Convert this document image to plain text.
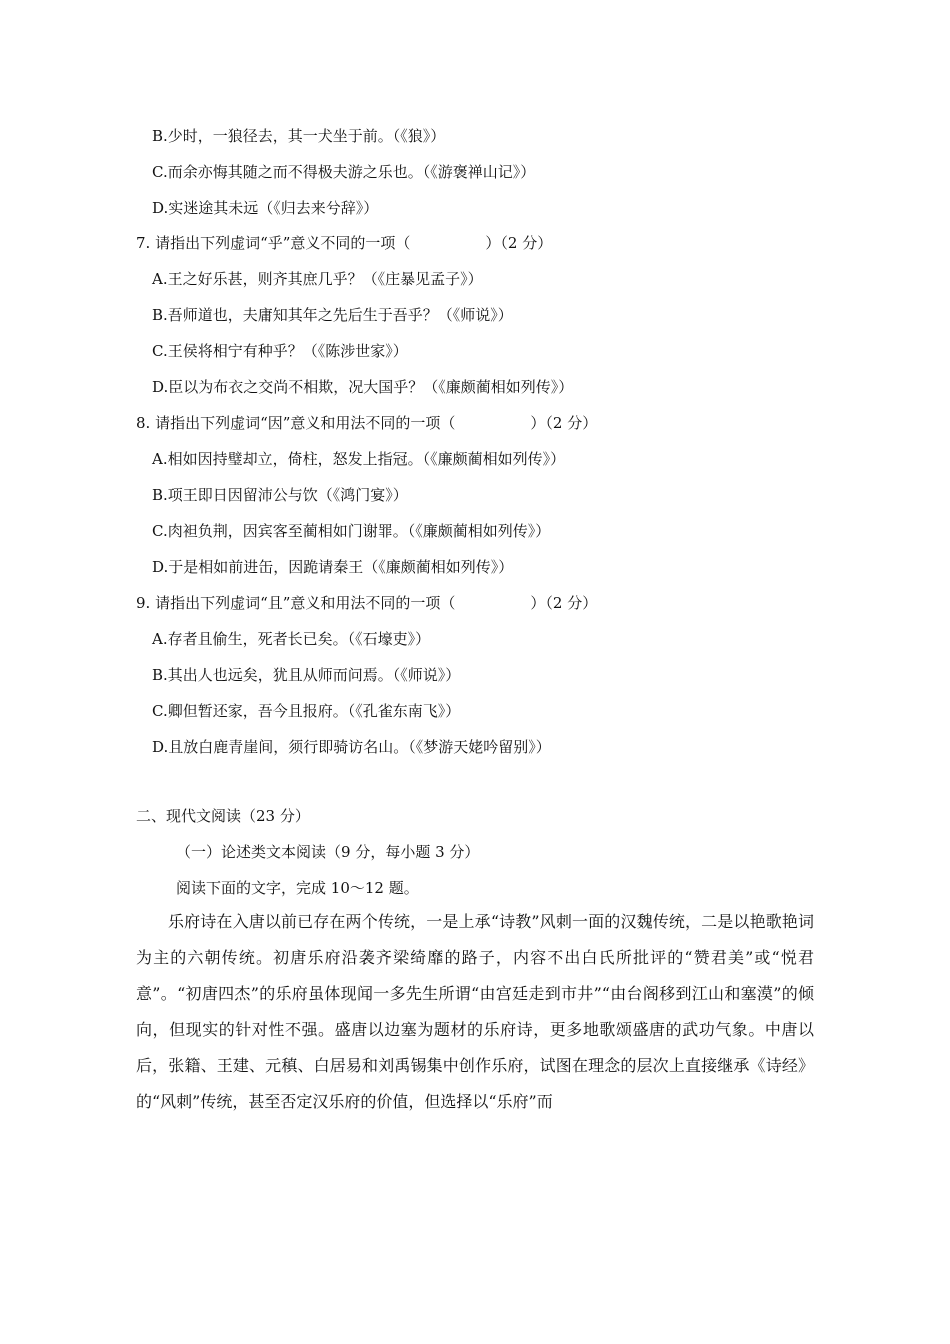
B.少时，一狼径去，其一犬坐于前。（《狼》）
C.而余亦悔其随之而不得极夫游之乐也。（《游褒禅山记》）
D.实迷途其未远（《归去来兮辞》）
7. 请指出下列虚词“乎”意义不同的一项（　　　　　）（2 分）
A.王之好乐甚，则齐其庶几乎？（《庄暴见孟子》）
B.吾师道也，夫庸知其年之先后生于吾乎？（《师说》）
C.王侯将相宁有种乎？（《陈涉世家》）
D.臣以为布衣之交尚不相欺，况大国乎？（《廉颇蔺相如列传》）
8. 请指出下列虚词“因”意义和用法不同的一项（　　　　　）（2 分）
A.相如因持璧却立，倚柱，怒发上指冠。（《廉颇蔺相如列传》）
B.项王即日因留沛公与饮（《鸿门宴》）
C.肉袒负荆，因宾客至蔺相如门谢罪。（《廉颇蔺相如列传》）
D.于是相如前进缶，因跪请秦王（《廉颇蔺相如列传》）
9. 请指出下列虚词“且”意义和用法不同的一项（　　　　　）（2 分）
A.存者且偷生，死者长已矣。（《石壕吏》）
B.其出人也远矣，犹且从师而问焉。（《师说》）
C.卿但暂还家，吾今且报府。（《孔雀东南飞》）
D.且放白鹿青崖间，须行即骑访名山。（《梦游天姥吟留别》）
二、现代文阅读（23 分）
（一）论述类文本阅读（9 分，每小题 3 分）
阅读下面的文字，完成 10～12 题。

乐府诗在入唐以前已存在两个传统，一是上承“诗教”风刺一面的汉魏传统，二是以艳歌艳词为主的六朝传统。初唐乐府沿袭齐梁绮靡的路子，内容不出白氏所批评的“赞君美”或“悦君意”。“初唐四杰”的乐府虽体现闻一多先生所谓“由宫廷走到市井”“由台阁移到江山和塞漠”的倾向，但现实的针对性不强。盛唐以边塞为题材的乐府诗，更多地歌颂盛唐的武功气象。中唐以后，张籍、王建、元稹、白居易和刘禹锡集中创作乐府，试图在理念的层次上直接继承《诗经》的“风刺”传统，甚至否定汉乐府的价值，但选择以“乐府”而
